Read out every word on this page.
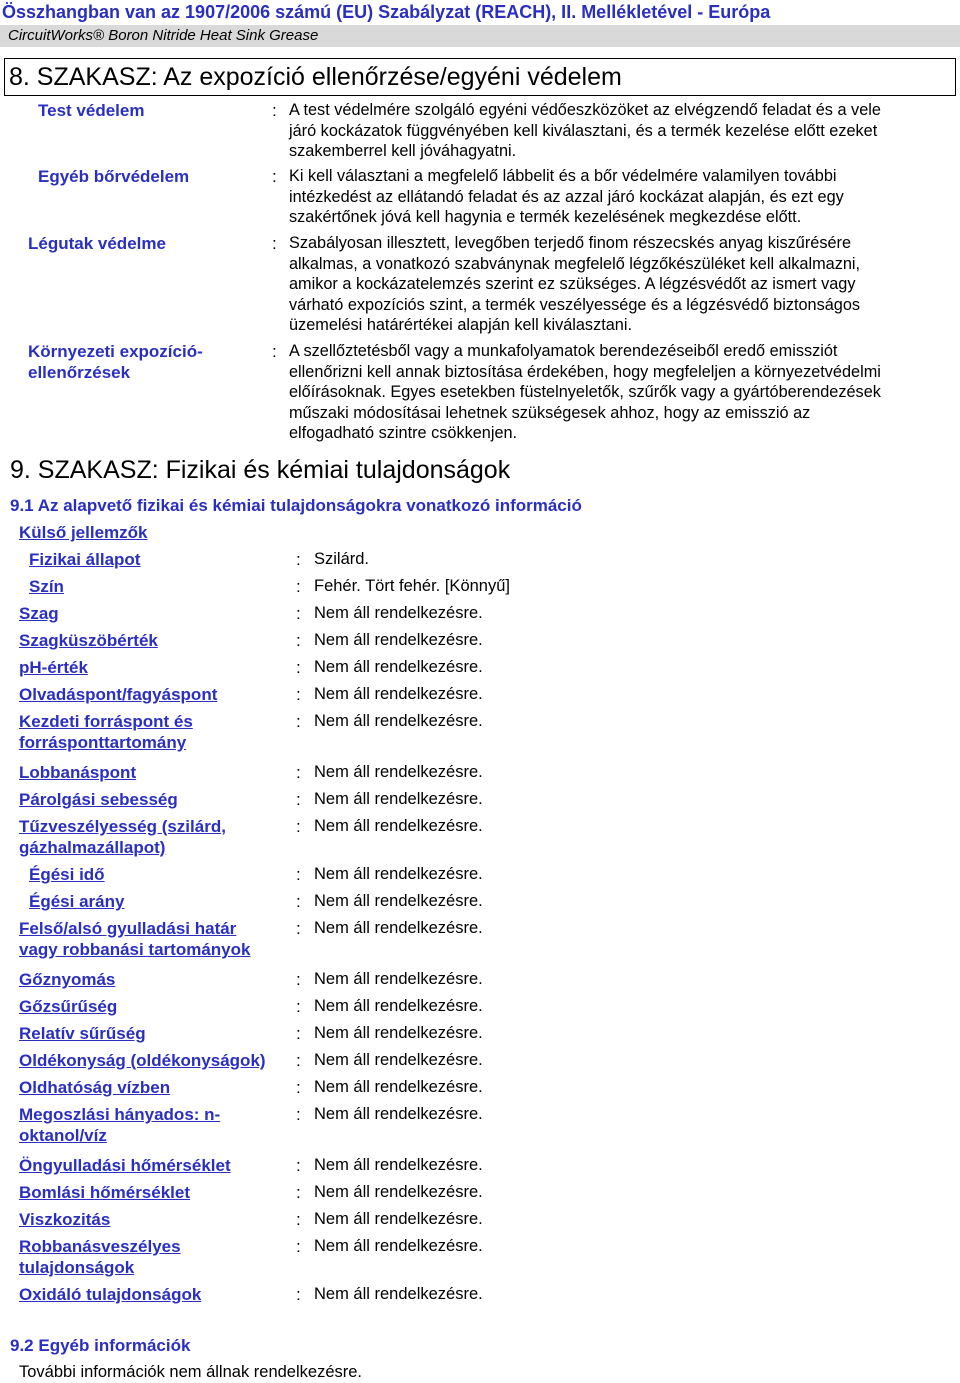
Összhangban van az 1907/2006 számú (EU) Szabályzat (REACH), II. Mellékletével - Európa
CircuitWorks® Boron Nitride Heat Sink Grease
8. SZAKASZ: Az expozíció ellenőrzése/egyéni védelem
Test védelem	: A test védelmére szolgáló egyéni védőeszközöket az elvégzendő feladat és a vele
járó kockázatok függvényében kell kiválasztani, és a termék kezelése előtt ezeket
szakemberrel kell jóváhagyatni.
Egyéb bőrvédelem	: Ki kell választani a megfelelő lábbelit és a bőr védelmére valamilyen további
intézkedést az ellátandó feladat és az azzal járó kockázat alapján, és ezt egy
szakértőnek jóvá kell hagynia e termék kezelésének megkezdése előtt.
Légutak védelme	: Szabályosan illesztett, levegőben terjedő finom részecskés anyag kiszűrésére
alkalmas, a vonatkozó szabványnak megfelelő légzőkészüléket kell alkalmazni,
amikor a kockázatelemzés szerint ez szükséges. A légzésvédőt az ismert vagy
várható expozíciós szint, a termék veszélyessége és a légzésvédő biztonságos
üzemelési határértékei alapján kell kiválasztani.
Környezeti expozíció-
ellenőrzések
: A szellőztetésből vagy a munkafolyamatok berendezéseiből eredő emissziót
ellenőrizni kell annak biztosítása érdekében, hogy megfeleljen a környezetvédelmi
előírásoknak. Egyes esetekben füstelnyeletők, szűrők vagy a gyártóberendezések
műszaki módosításai lehetnek szükségesek ahhoz, hogy az emisszió az
elfogadható szintre csökkenjen.
9. SZAKASZ: Fizikai és kémiai tulajdonságok
9.1 Az alapvető fizikai és kémiai tulajdonságokra vonatkozó információ
Külső jellemzők
Fizikai állapot	: Szilárd.
Szín	: Fehér. Tört fehér. [Könnyű]
Szag	: Nem áll rendelkezésre.
Szagküszöbérték	: Nem áll rendelkezésre.
pH-érték	: Nem áll rendelkezésre.
Olvadáspont/fagyáspont	: Nem áll rendelkezésre.
Kezdeti forráspont és
forrásponttartomány
: Nem áll rendelkezésre.
Lobbanáspont	: Nem áll rendelkezésre.
Párolgási sebesség	: Nem áll rendelkezésre.
Tűzveszélyesség (szilárd,
gázhalmazállapot)
: Nem áll rendelkezésre.
Égési idő	: Nem áll rendelkezésre.
Égési arány	: Nem áll rendelkezésre.
Felső/alsó gyulladási határ
vagy robbanási tartományok
: Nem áll rendelkezésre.
Gőznyomás	: Nem áll rendelkezésre.
Gőzsűrűség	: Nem áll rendelkezésre.
Relatív sűrűség	: Nem áll rendelkezésre.
Oldékonyság (oldékonyságok) : Nem áll rendelkezésre.
Oldhatóság vízben	: Nem áll rendelkezésre.
Megoszlási hányados: n-
oktanol/víz
: Nem áll rendelkezésre.
Öngyulladási hőmérséklet	: Nem áll rendelkezésre.
Bomlási hőmérséklet	: Nem áll rendelkezésre.
Viszkozitás	: Nem áll rendelkezésre.
Robbanásveszélyes
tulajdonságok
: Nem áll rendelkezésre.
Oxidáló tulajdonságok	: Nem áll rendelkezésre.
9.2 Egyéb információk
További információk nem állnak rendelkezésre.
